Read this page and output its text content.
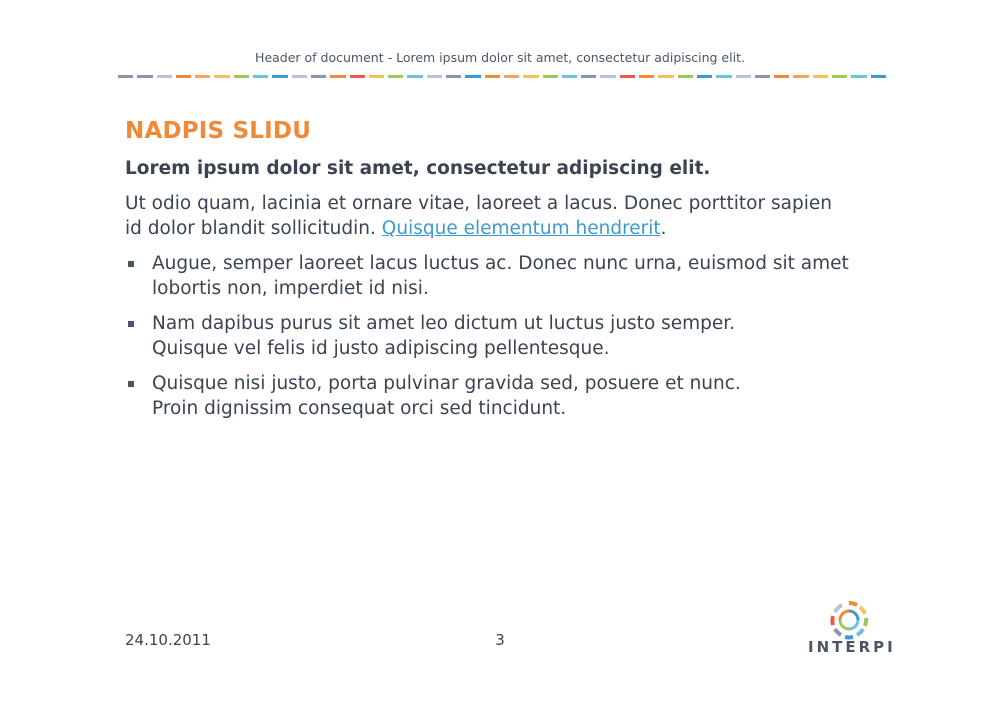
Header of document - Lorem ipsum dolor sit amet, consectetur adipiscing elit.
NADPIS SLIDU

Lorem ipsum dolor sit amet, consectetur adipiscing elit.

Ut odio quam, lacinia et ornare vitae, laoreet a lacus. Donec porttitor sapien
id dolor blandit sollicitudin. Quisque elementum hendrerit.

Augue, semper laoreet lacus luctus ac. Donec nunc urna, euismod sit amet
lobortis non, imperdiet id nisi.
Nam dapibus purus sit amet leo dictum ut luctus justo semper.
Quisque vel felis id justo adipiscing pellentesque.
Quisque nisi justo, porta pulvinar gravida sed, posuere et nunc.
Proin dignissim consequat orci sed tincidunt.
24.10.2011	3	INTERPI
